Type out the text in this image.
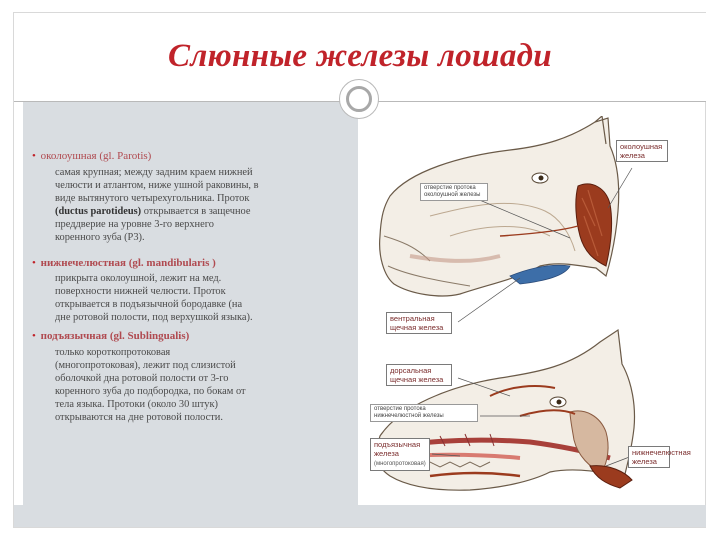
Слюнные железы лошади
• околоушная (gl. Parotis)
самая крупная; между задним краем нижней
челюсти и атлантом, ниже ушной раковины, в
виде вытянутого четырехугольника. Проток
(ductus parotideus) открывается в защечное
преддверие на уровне 3-го верхнего
коренного зуба (Р3).
• нижнечелюстная (gl. mandibularis )
прикрыта околоушной, лежит на мед.
поверхности нижней челюсти. Проток
открывается в подъязычной бородавке (на
дне ротовой полости, под верхушкой языка).
• подъязычная (gl. Sublingualis)
только короткопротоковая
(многопротоковая), лежит под слизистой
оболочкой дна ротовой полости от 3-го
коренного зуба до подбородка, по бокам от
тела языка. Протоки (около 30 штук)
открываются на дне ротовой полости.
отверстие протока околоушной железы
околоушная железа
вентральная щечная железа
дорсальная щечная железа
отверстие протока нижнечелюстной железы
подъязычная железа
(многопротоковая)
нижнечелюстная железа
